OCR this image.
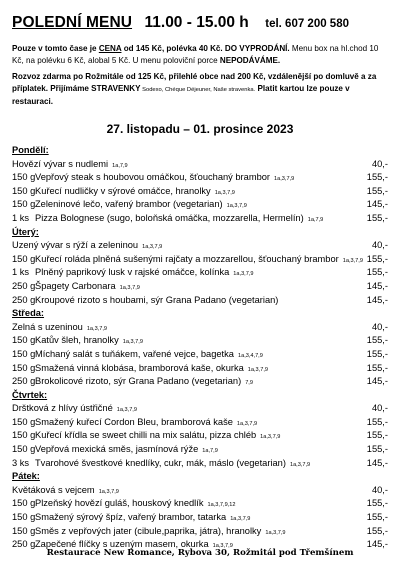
POLEDNÍ MENU 11.00 - 15.00 h tel. 607 200 580
Pouze v tomto čase je CENA od 145 Kč, polévka 40 Kč. DO VYPRODÁNÍ. Menu box na hl.chod 10 Kč, na polévku 6 Kč, alobal 5 Kč. U menu poloviční porce NEPODÁVÁME.
Rozvoz zdarma po Rožmitále od 125 Kč, přilehlé obce nad 200 Kč, vzdálenější po domluvě a za příplatek. Přijímáme STRAVENKY Sodexo, Chéque Déjeuner, Naše stravenka. Platit kartou lze pouze v restauraci.
27. listopadu – 01. prosince 2023
Pondělí:
Hovězí vývar s nudlemi 1a,7,9	40,-
150 gVepřový steak s houbovou omáčkou, šťouchaný brambor 1a,3,7,9	155,-
150 gKuřecí nudličky v sýrové omáčce, hranolky 1a,3,7,9	155,-
150 gZeleninové lečo, vařený brambor (vegetarian) 1a,3,7,9	145,-
1 ks Pizza Bolognese (sugo, boloňská omáčka, mozzarella, Hermelín) 1a,7,9	155,-
Úterý:
Uzený vývar s rýží a zeleninou 1a,3,7,9	40,-
150 gKuřecí roláda plněná sušenými rajčaty a mozzarellou, šťouchaný brambor 1a,3,7,9 155,-
1 ks Plněný paprikový lusk v rajské omáčce, kolínka 1a,3,7,9	155,-
250 gŠpagety Carbonara 1a,3,7,9	145,-
250 gKroupové rizoto s houbami, sýr Grana Padano (vegetarian)	145,-
Středa:
Zelná s uzeninou 1a,3,7,9	40,-
150 gKatův šleh, hranolky 1a,3,7,9	155,-
150 gMíchaný salát s tuňákem, vařené vejce, bagetka 1a,3,4,7,9	155,-
150 gSmažená vinná klobása, bramborová kaše, okurka 1a,3,7,9	155,-
250 gBrokolicové rizoto, sýr Grana Padano (vegetarian) 7,9	145,-
Čtvrtek:
Drštková z hlívy ústřičné 1a,3,7,9	40,-
150 gSmažený kuřecí Cordon Bleu, bramborová kaše 1a,3,7,9	155,-
150 gKuřecí křídla se sweet chilli na mix salátu, pizza chléb 1a,3,7,9	155,-
150 gVepřová mexická směs, jasmínová rýže 1a,7,9	155,-
3 ks Tvarohové švestkové knedlíky, cukr, mák, máslo (vegetarian) 1a,3,7,9	145,-
Pátek:
Květáková s vejcem 1a,3,7,9	40,-
150 gPlzeňský hovězí guláš, houskový knedlík 1a,3,7,9,12	155,-
150 gSmažený sýrový špíz, vařený brambor, tatarka 1a,3,7,9	155,-
150 gSměs z vepřových jater (cibule,paprika, játra), hranolky 1a,3,7,9	155,-
250 gZapečené flíčky s uzeným masem, okurka 1a,3,7,9	145,-
Restaurace New Romance, Rybova 30, Rožmitál pod Třemšínem
